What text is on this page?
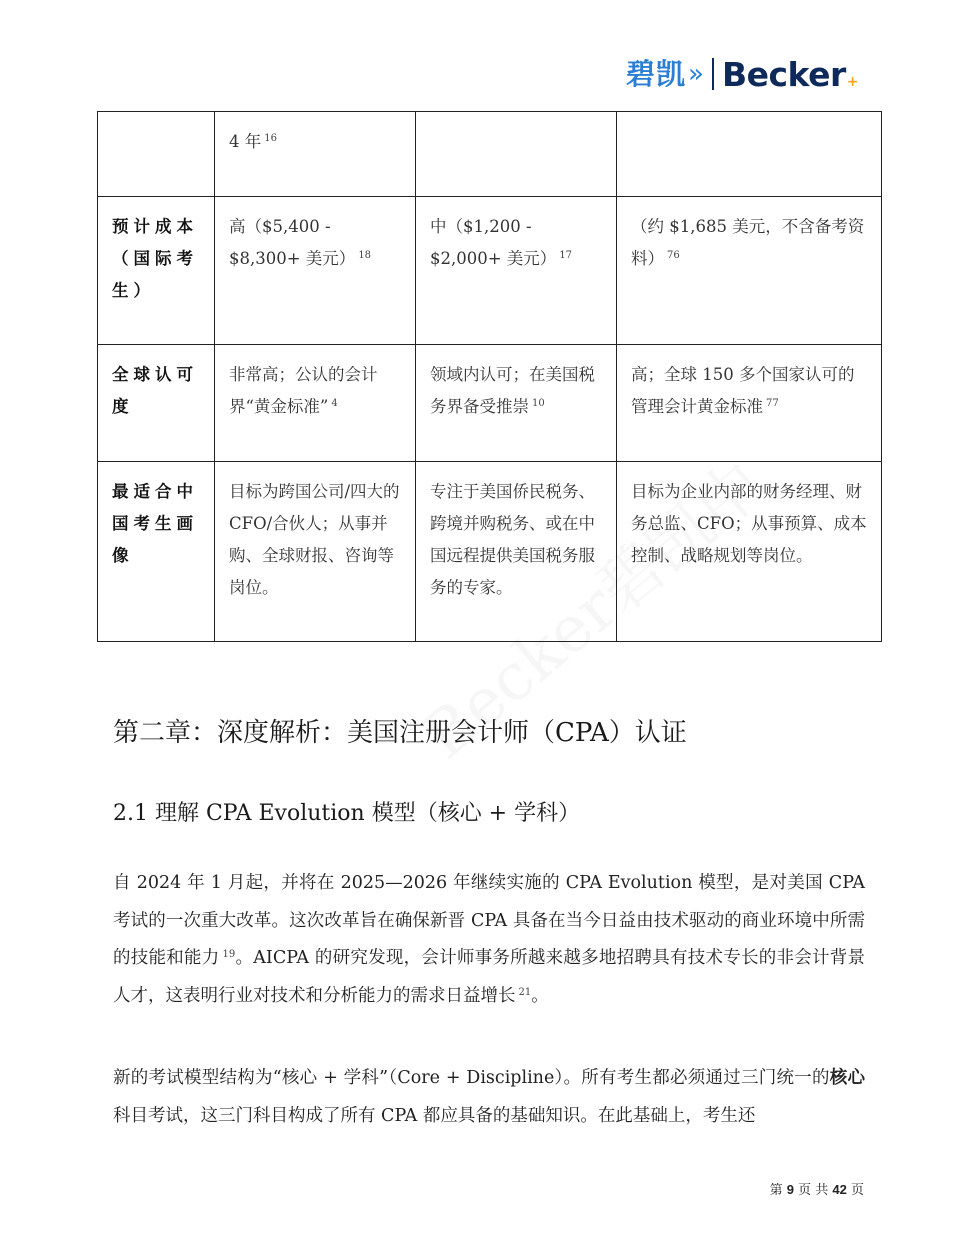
碧凯 » Becker +
	4 年 $^{16}$		
预计成本（国际考生）	高（$5,400 - $8,300+ 美元） $^{18}$	中（$1,200 - $2,000+ 美元） $^{17}$	（约 $1,685 美元，不含备考资料） $^{76}$
全球认可度	非常高；公认的会计界“黄金标准” $^4$	领域内认可；在美国税务界备受推崇 $^{10}$	高；全球 150 多个国家认可的管理会计黄金标准 $^{77}$
最适合中国考生画像	目标为跨国公司/四大的 CFO/合伙人；从事并购、全球财报、咨询等岗位。	专注于美国侨民税务、跨境并购税务、或在中国远程提供美国税务服务的专家。	目标为企业内部的财务经理、财务总监、CFO；从事预算、成本控制、战略规划等岗位。
第二章：深度解析：美国注册会计师（CPA）认证
2.1 理解 CPA Evolution 模型（核心 + 学科）
自 2024 年 1 月起，并将在 2025—2026 年继续实施的 CPA Evolution 模型，是对美国 CPA 考试的一次重大改革。这次改革旨在确保新晋 CPA 具备在当今日益由技术驱动的商业环境中所需的技能和能力 $^{19}$。AICPA 的研究发现，会计师事务所越来越多地招聘具有技术专长的非会计背景人才，这表明行业对技术和分析能力的需求日益增长 $^{21}$。
新的考试模型结构为“核心 + 学科”（Core + Discipline）。所有考生都必须通过三门统一的核心科目考试，这三门科目构成了所有 CPA 都应具备的基础知识。在此基础上，考生还
第 9 页 共 42 页
